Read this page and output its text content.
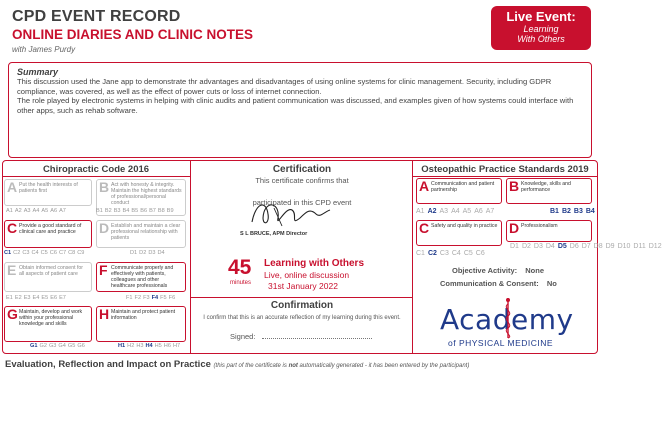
CPD EVENT RECORD
ONLINE DIARIES AND CLINIC NOTES
with James Purdy
Live Event:
Learning
With Others
Summary
This discussion used the Jane app to demonstrate thr advantages and disadvantages of using online systems for clinic management. Security, including GDPR compliance, was covered, as well as the effect of power cuts or loss of internet connection.
The role played by electronic systems in helping with clinic audits and patient communication was discussed, and examples given of how systems could interface with other apps, such as rehab software.
Chiropractic Code 2016
A Put the health interests of patients first
A1 A2 A3 A4 A5 A6 A7
B Act with honesty & integrity. Maintain the highest standards of professional/personal conduct
B1 B2 B3 B4 B5 B6 B7 B8 B9
C Provide a good standard of clinical care and practice
C1 C2 C3 C4 C5 C6 C7 C8 C9
D Establish and maintain a clear professional relationship with patients
D1 D2 D3 D4
E Obtain informed consent for all aspects of patient care
E1 E2 E3 E4 E5 E6 E7
F Communicate properly and effectively with patients, colleagues and other healthcare professionals
F1 F2 F3 F4 F5 F6
G Maintain, develop and work within your professional knowledge and skills
G1 G2 G3 G4 G5 G6
H Maintain and protect patient information
H1 H2 H3 H4 H5 H6 H7
Certification
This certificate confirms that
participated in this CPD event
S L BRUCE, APM Director
45
minutes
Learning with Others
Live, online discussion
31st January 2022
Confirmation
I confirm that this is an accurate reflection of my learning during this event.
Signed:
Osteopathic Practice Standards 2019
A Communication and patient partnership
A1 A2 A3 A4 A5 A6 A7
B Knowledge, skills and performance
B1 B2 B3 B4
C Safety and quality in practice
C1 C2 C3 C4 C5 C6
D Professionalism
D1 D2 D3 D4 D5 D6 D7 D8 D9 D10 D11 D12
Objective Activity: None
Communication & Consent: No
Academy
of PHYSICAL MEDICINE
Evaluation, Reflection and Impact on Practice (this part of the certificate is not automatically generated - it has been entered by the participant)
